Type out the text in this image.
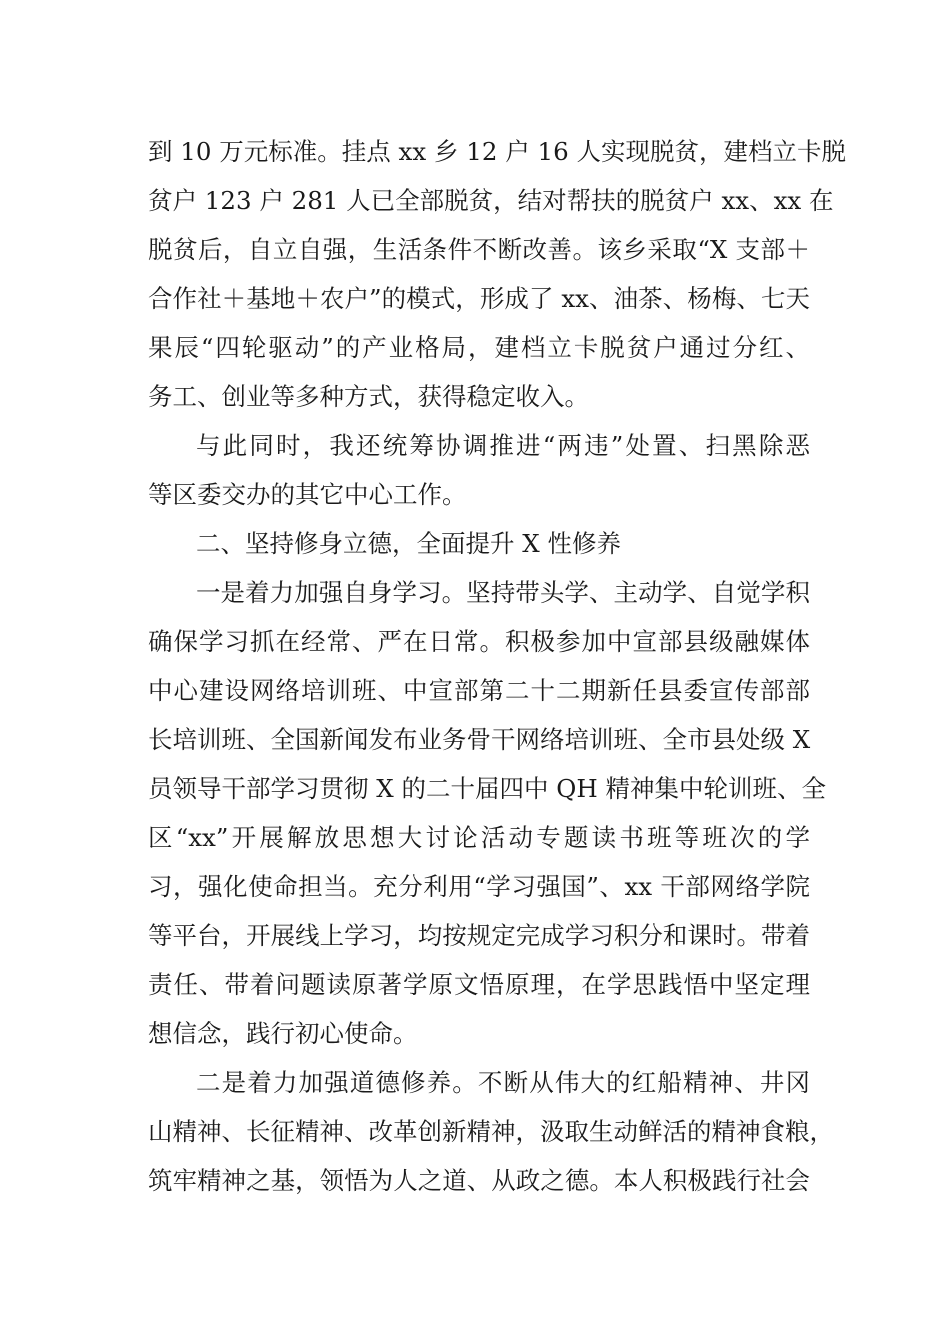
到 10 万元标准。挂点 xx 乡 12 户 16 人实现脱贫，建档立卡脱
贫户 123 户 281 人已全部脱贫，结对帮扶的脱贫户 xx、xx 在
脱贫后，自立自强，生活条件不断改善。该乡采取“X 支部＋
合作社＋基地＋农户”的模式，形成了 xx、油茶、杨梅、七天
果辰“四轮驱动”的产业格局，建档立卡脱贫户通过分红、
务工、创业等多种方式，获得稳定收入。
与此同时，我还统筹协调推进“两违”处置、扫黑除恶
等区委交办的其它中心工作。
二、坚持修身立德，全面提升 X 性修养
一是着力加强自身学习。坚持带头学、主动学、自觉学积
确保学习抓在经常、严在日常。积极参加中宣部县级融媒体
中心建设网络培训班、中宣部第二十二期新任县委宣传部部
长培训班、全国新闻发布业务骨干网络培训班、全市县处级 X
员领导干部学习贯彻 X 的二十届四中 QH 精神集中轮训班、全
区“xx”开展解放思想大讨论活动专题读书班等班次的学
习，强化使命担当。充分利用“学习强国”、xx 干部网络学院
等平台，开展线上学习，均按规定完成学习积分和课时。带着
责任、带着问题读原著学原文悟原理，在学思践悟中坚定理
想信念，践行初心使命。
二是着力加强道德修养。不断从伟大的红船精神、井冈
山精神、长征精神、改革创新精神，汲取生动鲜活的精神食粮，
筑牢精神之基，领悟为人之道、从政之德。本人积极践行社会
